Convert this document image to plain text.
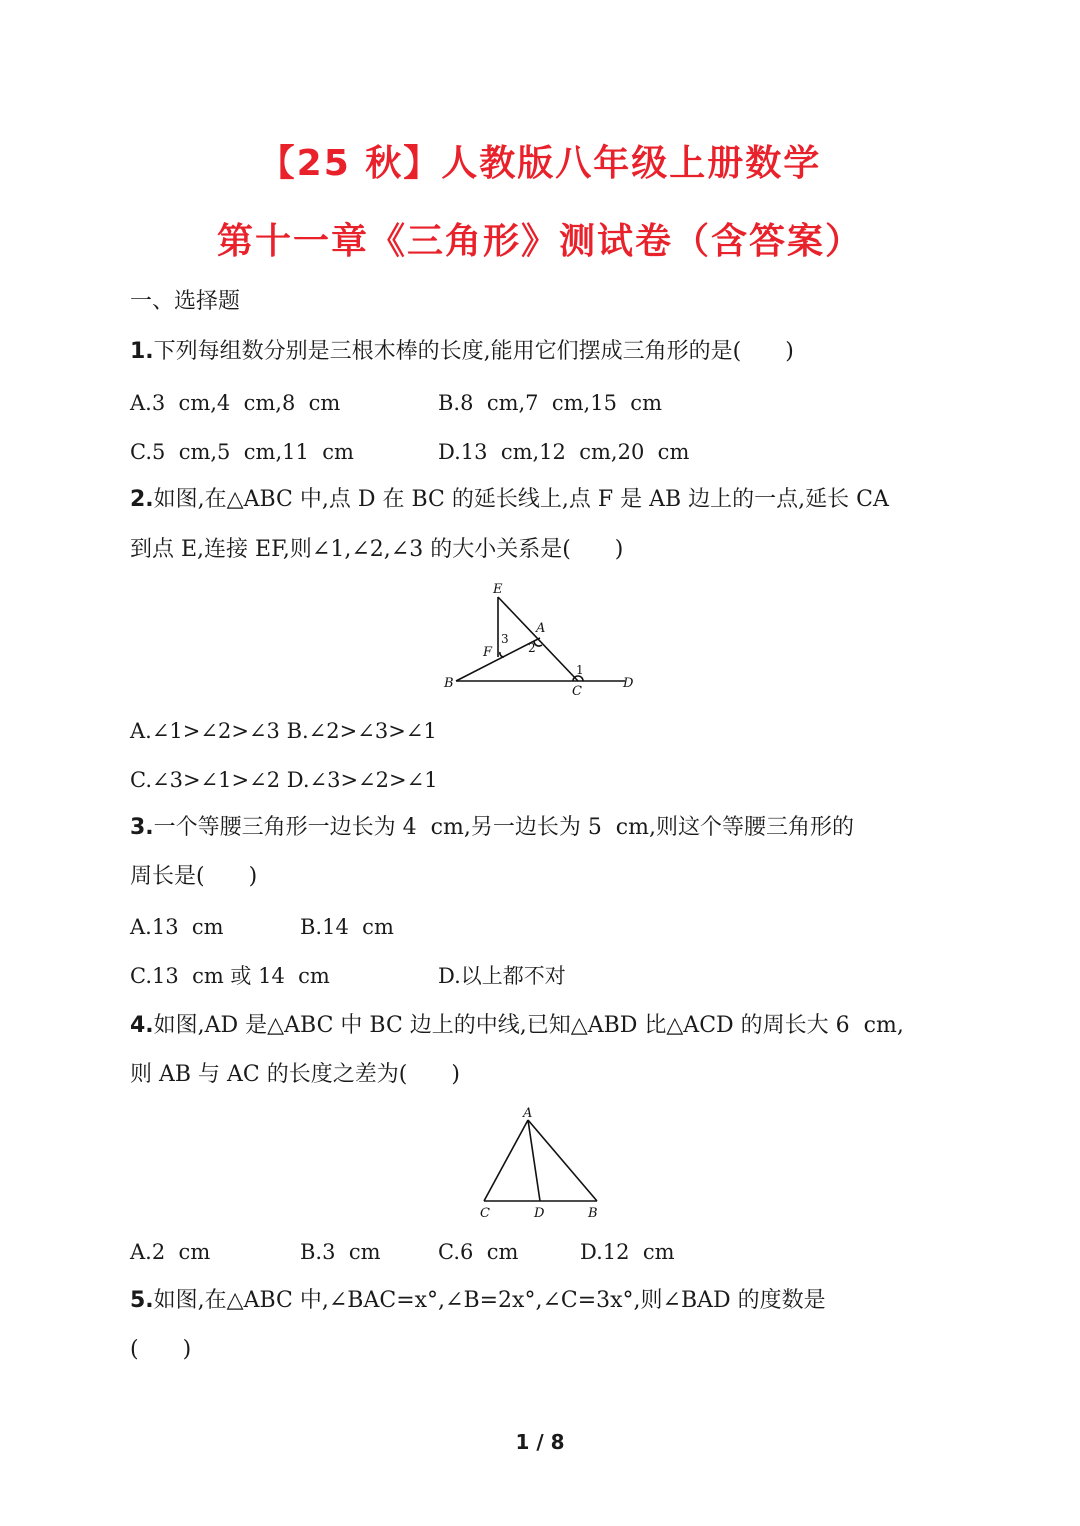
【25 秋】人教版八年级上册数学
第十一章《三角形》测试卷（含答案）
一、选择题
1.下列每组数分别是三根木棒的长度,能用它们摆成三角形的是(　　)
A.3  cm,4  cm,8  cm	B.8  cm,7  cm,15  cm
C.5  cm,5  cm,11  cm	D.13  cm,12  cm,20  cm
2.如图,在△ABC 中,点 D 在 BC 的延长线上,点 F 是 AB 边上的一点,延长 CA
到点 E,连接 EF,则∠1,∠2,∠3 的大小关系是(　　)
E
A
3
F	2
1
B
C
D
A.∠1>∠2>∠3 B.∠2>∠3>∠1
C.∠3>∠1>∠2 D.∠3>∠2>∠1
3.一个等腰三角形一边长为 4  cm,另一边长为 5  cm,则这个等腰三角形的
周长是(　　)
A.13  cm	B.14  cm
C.13  cm 或 14  cm	D.以上都不对
4.如图,AD 是△ABC 中 BC 边上的中线,已知△ABD 比△ACD 的周长大 6  cm,
则 AB 与 AC 的长度之差为(　　)
A
C	D	B
A.2  cm	B.3  cm	C.6  cm	D.12  cm
5.如图,在△ABC 中,∠BAC=x°,∠B=2x°,∠C=3x°,则∠BAD 的度数是
(　　)
1 / 8
